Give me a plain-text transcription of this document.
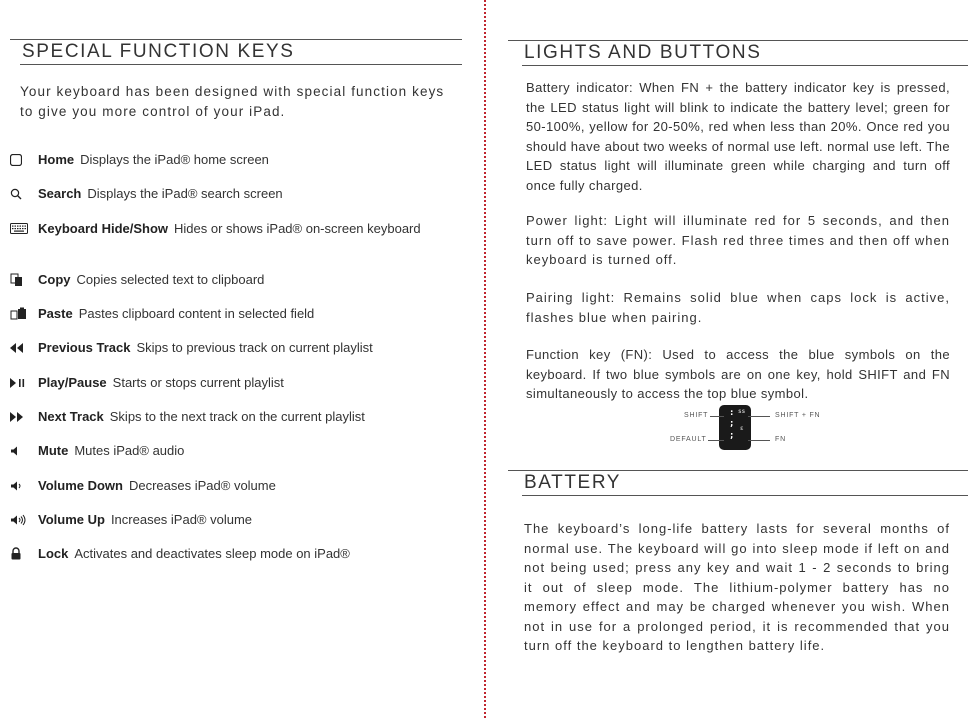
SPECIAL FUNCTION KEYS
Your keyboard has been designed with special function keys to give you more control of your iPad.
Home Displays the iPad® home screen
Search Displays the iPad® search screen
Keyboard Hide/Show Hides or shows iPad® on-screen keyboard
Copy Copies selected text to clipboard
Paste Pastes clipboard content in selected field
Previous Track Skips to previous track on current playlist
Play/Pause Starts or stops current playlist
Next Track Skips to the next track on the current playlist
Mute Mutes iPad® audio
Volume Down Decreases iPad® volume
Volume Up Increases iPad® volume
Lock Activates and deactivates sleep mode on iPad®
LIGHTS AND BUTTONS
Battery indicator: When FN + the battery indicator key is pressed, the LED status light will blink to indicate the battery level; green for 50-100%, yellow for 20-50%, red when less than 20%. Once red you should have about two weeks of normal use left. normal use left. The LED status light will illuminate green while charging and turn off once fully charged.
Power light: Light will illuminate red for 5 seconds, and then turn off to save power. Flash red three times and then off when keyboard is turned off.
Pairing light: Remains solid blue when caps lock is active, flashes blue when pairing.
Function key (FN): Used to access the blue symbols on the keyboard. If two blue symbols are on one key, hold SHIFT and FN simultaneously to access the top blue symbol.
:
;
;
ss
ε
SHIFT
DEFAULT
SHIFT + FN
FN
BATTERY
The keyboard’s long-life battery lasts for several months of normal use. The keyboard will go into sleep mode if left on and not being used; press any key and wait 1 - 2 seconds to bring it out of sleep mode. The lithium-polymer battery has no memory effect and may be charged whenever you wish. When not in use for a prolonged period, it is recommended that you turn off the keyboard to lengthen battery life.
